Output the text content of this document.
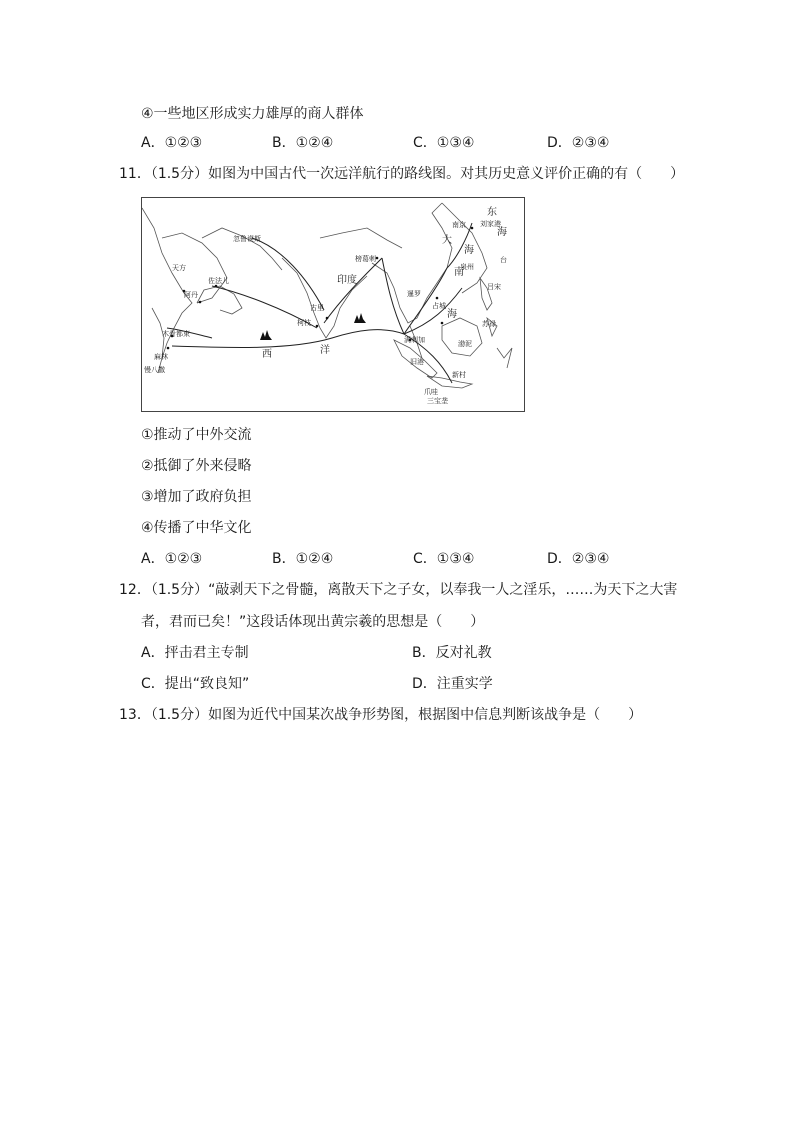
④一些地区形成实力雄厚的商人群体
A．①②③	B．①②④	C．①③④	D．②③④
11．（1.5分）如图为中国古代一次远洋航行的路线图。对其历史意义评价正确的有（　　）
忽鲁谟斯
天方
佐法儿
阿丹
木骨都束
麻林
慢八撒
印度
榜葛剌
古里
柯枝
西	洋
暹罗
占城
南京 刘家港
泉州
东
海
满剌加
旧港
爪哇
三宝垄
新村
南
海
吕宋
苏禄
渤泥
大
海
台
①推动了中外交流
②抵御了外来侵略
③增加了政府负担
④传播了中华文化
A．①②③	B．①②④	C．①③④	D．②③④
12．（1.5分）“敲剥天下之骨髓，离散天下之子女，以奉我一人之淫乐，……为天下之大害
者，君而已矣！”这段话体现出黄宗羲的思想是（　　）
A．抨击君主专制	B．反对礼教
C．提出“致良知”	D．注重实学
13．（1.5分）如图为近代中国某次战争形势图，根据图中信息判断该战争是（　　）
